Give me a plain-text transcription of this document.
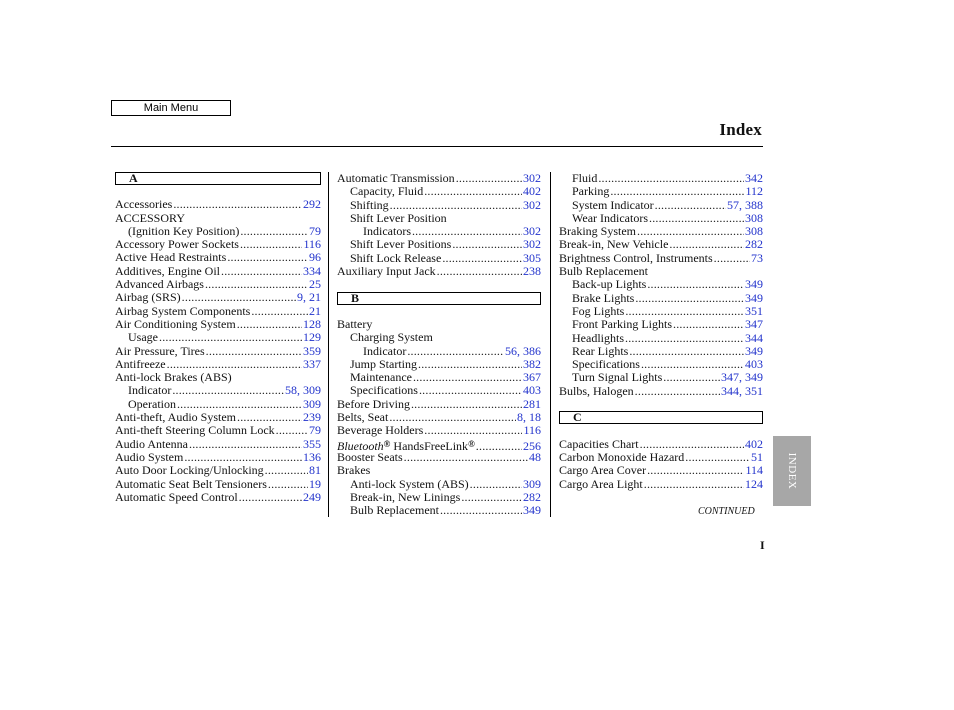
Main Menu
Index
A
Accessories .....	292
ACCESSORY
(Ignition Key Position) .....	79
Accessory Power Sockets .....	116
Active Head Restraints .....	96
Additives, Engine Oil .....	334
Advanced Airbags .....	25
Airbag (SRS) .....	9, 21
Airbag System Components .....	21
Air Conditioning System .....	128
Usage .....	129
Air Pressure, Tires .....	359
Antifreeze .....	337
Anti-lock Brakes (ABS)
Indicator .....	58, 309
Operation .....	309
Anti-theft, Audio System .....	239
Anti-theft Steering Column Lock .....	79
Audio Antenna .....	355
Audio System .....	136
Auto Door Locking/Unlocking .....	81
Automatic Seat Belt Tensioners .....	19
Automatic Speed Control .....	249
Automatic Transmission .....	302
Capacity, Fluid .....	402
Shifting .....	302
Shift Lever Position
Indicators .....	302
Shift Lever Positions .....	302
Shift Lock Release .....	305
Auxiliary Input Jack .....	238
B
Battery
Charging System
Indicator .....	56, 386
Jump Starting .....	382
Maintenance .....	367
Specifications .....	403
Before Driving .....	281
Belts, Seat .....	8, 18
Beverage Holders .....	116
Bluetooth® HandsFreeLink® .....	256
Booster Seats .....	48
Brakes
Anti-lock System (ABS) .....	309
Break-in, New Linings .....	282
Bulb Replacement .....	349
Fluid .....	342
Parking .....	112
System Indicator .....	57, 388
Wear Indicators .....	308
Braking System .....	308
Break-in, New Vehicle .....	282
Brightness Control, Instruments .....	73
Bulb Replacement
Back-up Lights .....	349
Brake Lights .....	349
Fog Lights .....	351
Front Parking Lights .....	347
Headlights .....	344
Rear Lights .....	349
Specifications .....	403
Turn Signal Lights .....	347, 349
Bulbs, Halogen .....	344, 351
C
Capacities Chart .....	402
Carbon Monoxide Hazard .....	51
Cargo Area Cover .....	114
Cargo Area Light .....	124 INDEX
CONTINUED
I
